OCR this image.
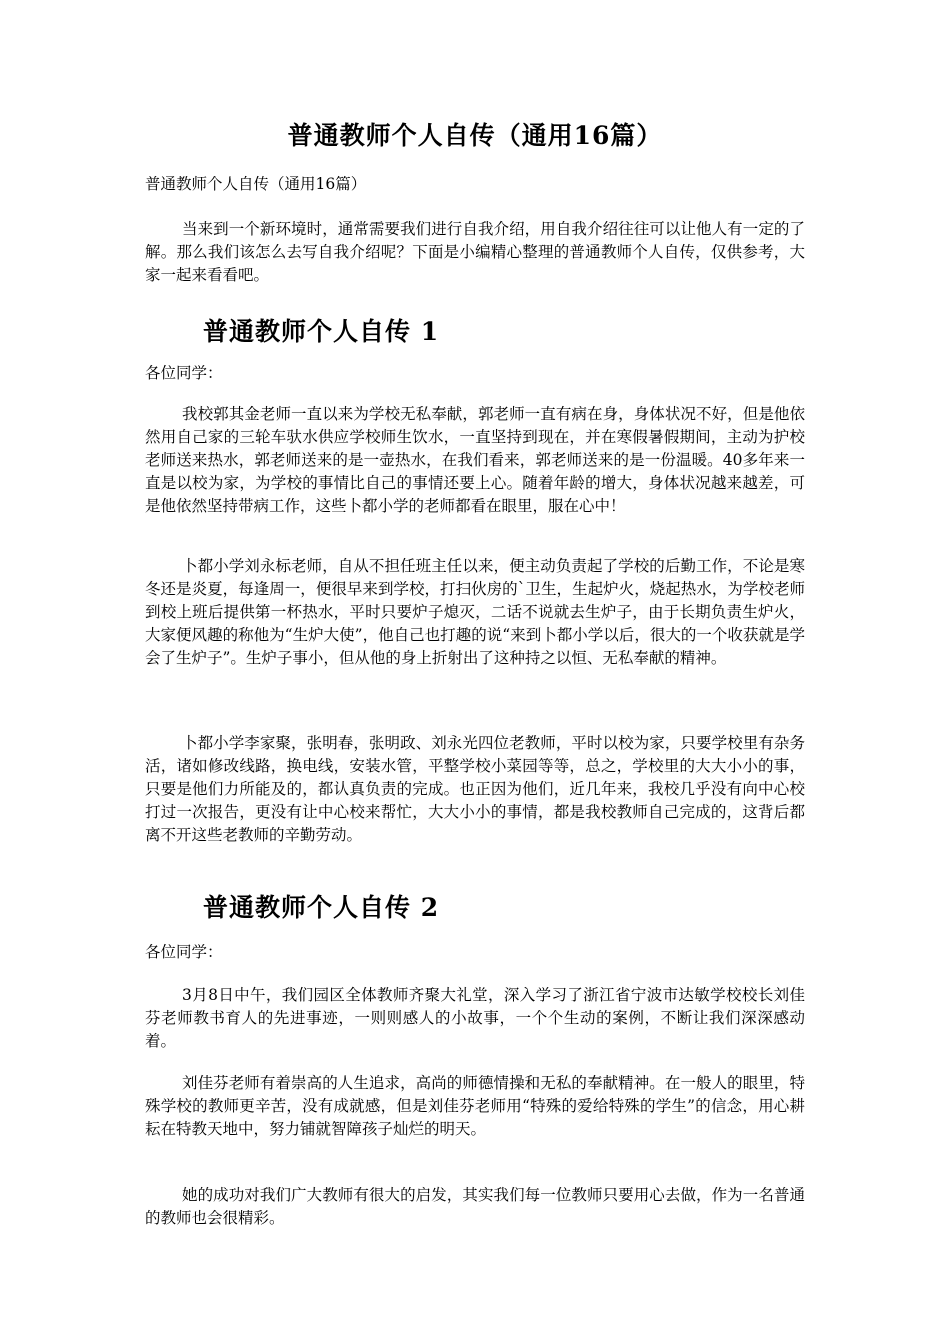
普通教师个人自传（通用16篇）
普通教师个人自传（通用16篇）

当来到一个新环境时，通常需要我们进行自我介绍，用自我介绍往往可以让他人有一定的了解。那么我们该怎么去写自我介绍呢？下面是小编精心整理的普通教师个人自传，仅供参考，大家一起来看看吧。

普通教师个人自传 1
各位同学：

我校郭其金老师一直以来为学校无私奉献，郭老师一直有病在身，身体状况不好，但是他依然用自己家的三轮车驮水供应学校师生饮水，一直坚持到现在，并在寒假暑假期间，主动为护校老师送来热水，郭老师送来的是一壶热水，在我们看来，郭老师送来的是一份温暖。40多年来一直是以校为家，为学校的事情比自己的事情还要上心。随着年龄的增大，身体状况越来越差，可是他依然坚持带病工作，这些卜都小学的老师都看在眼里，服在心中！

卜都小学刘永标老师，自从不担任班主任以来，便主动负责起了学校的后勤工作，不论是寒冬还是炎夏，每逢周一，便很早来到学校，打扫伙房的`卫生，生起炉火，烧起热水，为学校老师到校上班后提供第一杯热水，平时只要炉子熄灭，二话不说就去生炉子，由于长期负责生炉火，大家便风趣的称他为“生炉大使”，他自己也打趣的说“来到卜都小学以后，很大的一个收获就是学会了生炉子”。生炉子事小，但从他的身上折射出了这种持之以恒、无私奉献的精神。

卜都小学李家聚，张明春，张明政、刘永光四位老教师，平时以校为家，只要学校里有杂务活，诸如修改线路，换电线，安装水管，平整学校小菜园等等，总之，学校里的大大小小的事，只要是他们力所能及的，都认真负责的完成。也正因为他们，近几年来，我校几乎没有向中心校打过一次报告，更没有让中心校来帮忙，大大小小的事情，都是我校教师自己完成的，这背后都离不开这些老教师的辛勤劳动。

普通教师个人自传 2
各位同学：

3月8日中午，我们园区全体教师齐聚大礼堂，深入学习了浙江省宁波市达敏学校校长刘佳芬老师教书育人的先进事迹，一则则感人的小故事，一个个生动的案例，不断让我们深深感动着。

刘佳芬老师有着崇高的人生追求，高尚的师德情操和无私的奉献精神。在一般人的眼里，特殊学校的教师更辛苦，没有成就感，但是刘佳芬老师用“特殊的爱给特殊的学生”的信念，用心耕耘在特教天地中，努力铺就智障孩子灿烂的明天。

她的成功对我们广大教师有很大的启发，其实我们每一位教师只要用心去做，作为一名普通的教师也会很精彩。
